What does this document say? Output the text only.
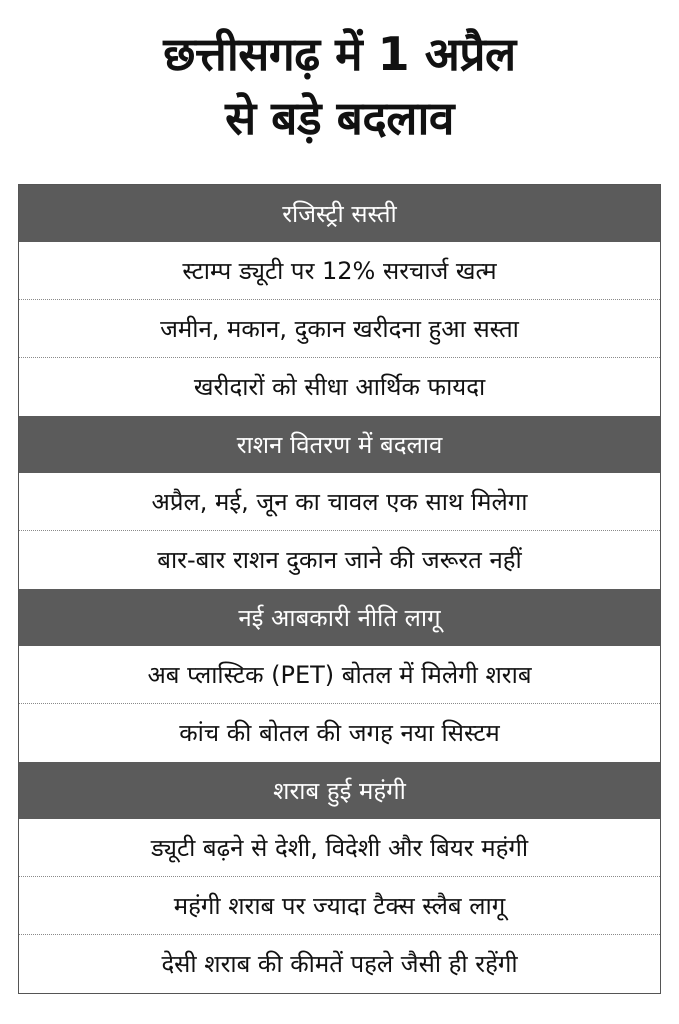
छत्तीसगढ़ में 1 अप्रैल
से बड़े बदलाव
रजिस्ट्री सस्ती
स्टाम्प ड्यूटी पर 12% सरचार्ज खत्म
जमीन, मकान, दुकान खरीदना हुआ सस्ता
खरीदारों को सीधा आर्थिक फायदा
राशन वितरण में बदलाव
अप्रैल, मई, जून का चावल एक साथ मिलेगा
बार-बार राशन दुकान जाने की जरूरत नहीं
नई आबकारी नीति लागू
अब प्लास्टिक (PET) बोतल में मिलेगी शराब
कांच की बोतल की जगह नया सिस्टम
शराब हुई महंगी
ड्यूटी बढ़ने से देशी, विदेशी और बियर महंगी
महंगी शराब पर ज्यादा टैक्स स्लैब लागू
देसी शराब की कीमतें पहले जैसी ही रहेंगी
